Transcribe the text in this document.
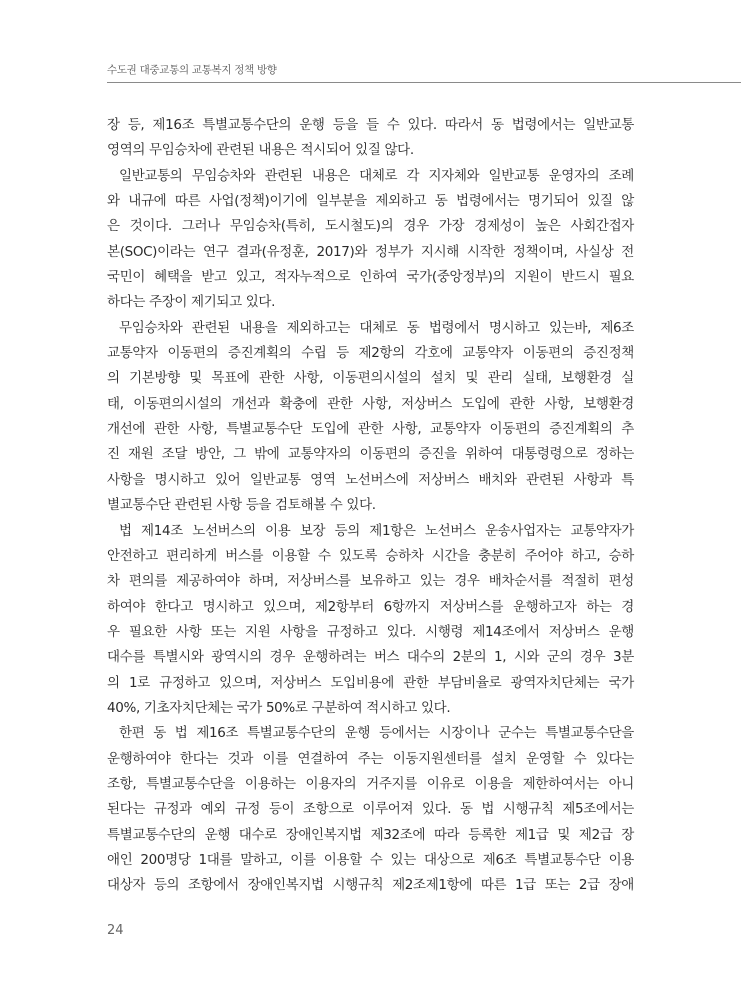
수도권 대중교통의 교통복지 정책 방향
장 등, 제16조 특별교통수단의 운행 등을 들 수 있다. 따라서 동 법령에서는 일반교통
영역의 무임승차에 관련된 내용은 적시되어 있질 않다.
일반교통의 무임승차와 관련된 내용은 대체로 각 지자체와 일반교통 운영자의 조례
와 내규에 따른 사업(정책)이기에 일부분을 제외하고 동 법령에서는 명기되어 있질 않
은 것이다. 그러나 무임승차(특히, 도시철도)의 경우 가장 경제성이 높은 사회간접자
본(SOC)이라는 연구 결과(유정훈, 2017)와 정부가 지시해 시작한 정책이며, 사실상 전
국민이 혜택을 받고 있고, 적자누적으로 인하여 국가(중앙정부)의 지원이 반드시 필요
하다는 주장이 제기되고 있다.
무임승차와 관련된 내용을 제외하고는 대체로 동 법령에서 명시하고 있는바, 제6조
교통약자 이동편의 증진계획의 수립 등 제2항의 각호에 교통약자 이동편의 증진정책
의 기본방향 및 목표에 관한 사항, 이동편의시설의 설치 및 관리 실태, 보행환경 실
태, 이동편의시설의 개선과 확충에 관한 사항, 저상버스 도입에 관한 사항, 보행환경
개선에 관한 사항, 특별교통수단 도입에 관한 사항, 교통약자 이동편의 증진계획의 추
진 재원 조달 방안, 그 밖에 교통약자의 이동편의 증진을 위하여 대통령령으로 정하는
사항을 명시하고 있어 일반교통 영역 노선버스에 저상버스 배치와 관련된 사항과 특
별교통수단 관련된 사항 등을 검토해볼 수 있다.
법 제14조 노선버스의 이용 보장 등의 제1항은 노선버스 운송사업자는 교통약자가
안전하고 편리하게 버스를 이용할 수 있도록 승하차 시간을 충분히 주어야 하고, 승하
차 편의를 제공하여야 하며, 저상버스를 보유하고 있는 경우 배차순서를 적절히 편성
하여야 한다고 명시하고 있으며, 제2항부터 6항까지 저상버스를 운행하고자 하는 경
우 필요한 사항 또는 지원 사항을 규정하고 있다. 시행령 제14조에서 저상버스 운행
대수를 특별시와 광역시의 경우 운행하려는 버스 대수의 2분의 1, 시와 군의 경우 3분
의 1로 규정하고 있으며, 저상버스 도입비용에 관한 부담비율로 광역자치단체는 국가
40%, 기초자치단체는 국가 50%로 구분하여 적시하고 있다.
한편 동 법 제16조 특별교통수단의 운행 등에서는 시장이나 군수는 특별교통수단을
운행하여야 한다는 것과 이를 연결하여 주는 이동지원센터를 설치 운영할 수 있다는
조항, 특별교통수단을 이용하는 이용자의 거주지를 이유로 이용을 제한하여서는 아니
된다는 규정과 예외 규정 등이 조항으로 이루어져 있다. 동 법 시행규칙 제5조에서는
특별교통수단의 운행 대수로 장애인복지법 제32조에 따라 등록한 제1급 및 제2급 장
애인 200명당 1대를 말하고, 이를 이용할 수 있는 대상으로 제6조 특별교통수단 이용
대상자 등의 조항에서 장애인복지법 시행규칙 제2조제1항에 따른 1급 또는 2급 장애
24
